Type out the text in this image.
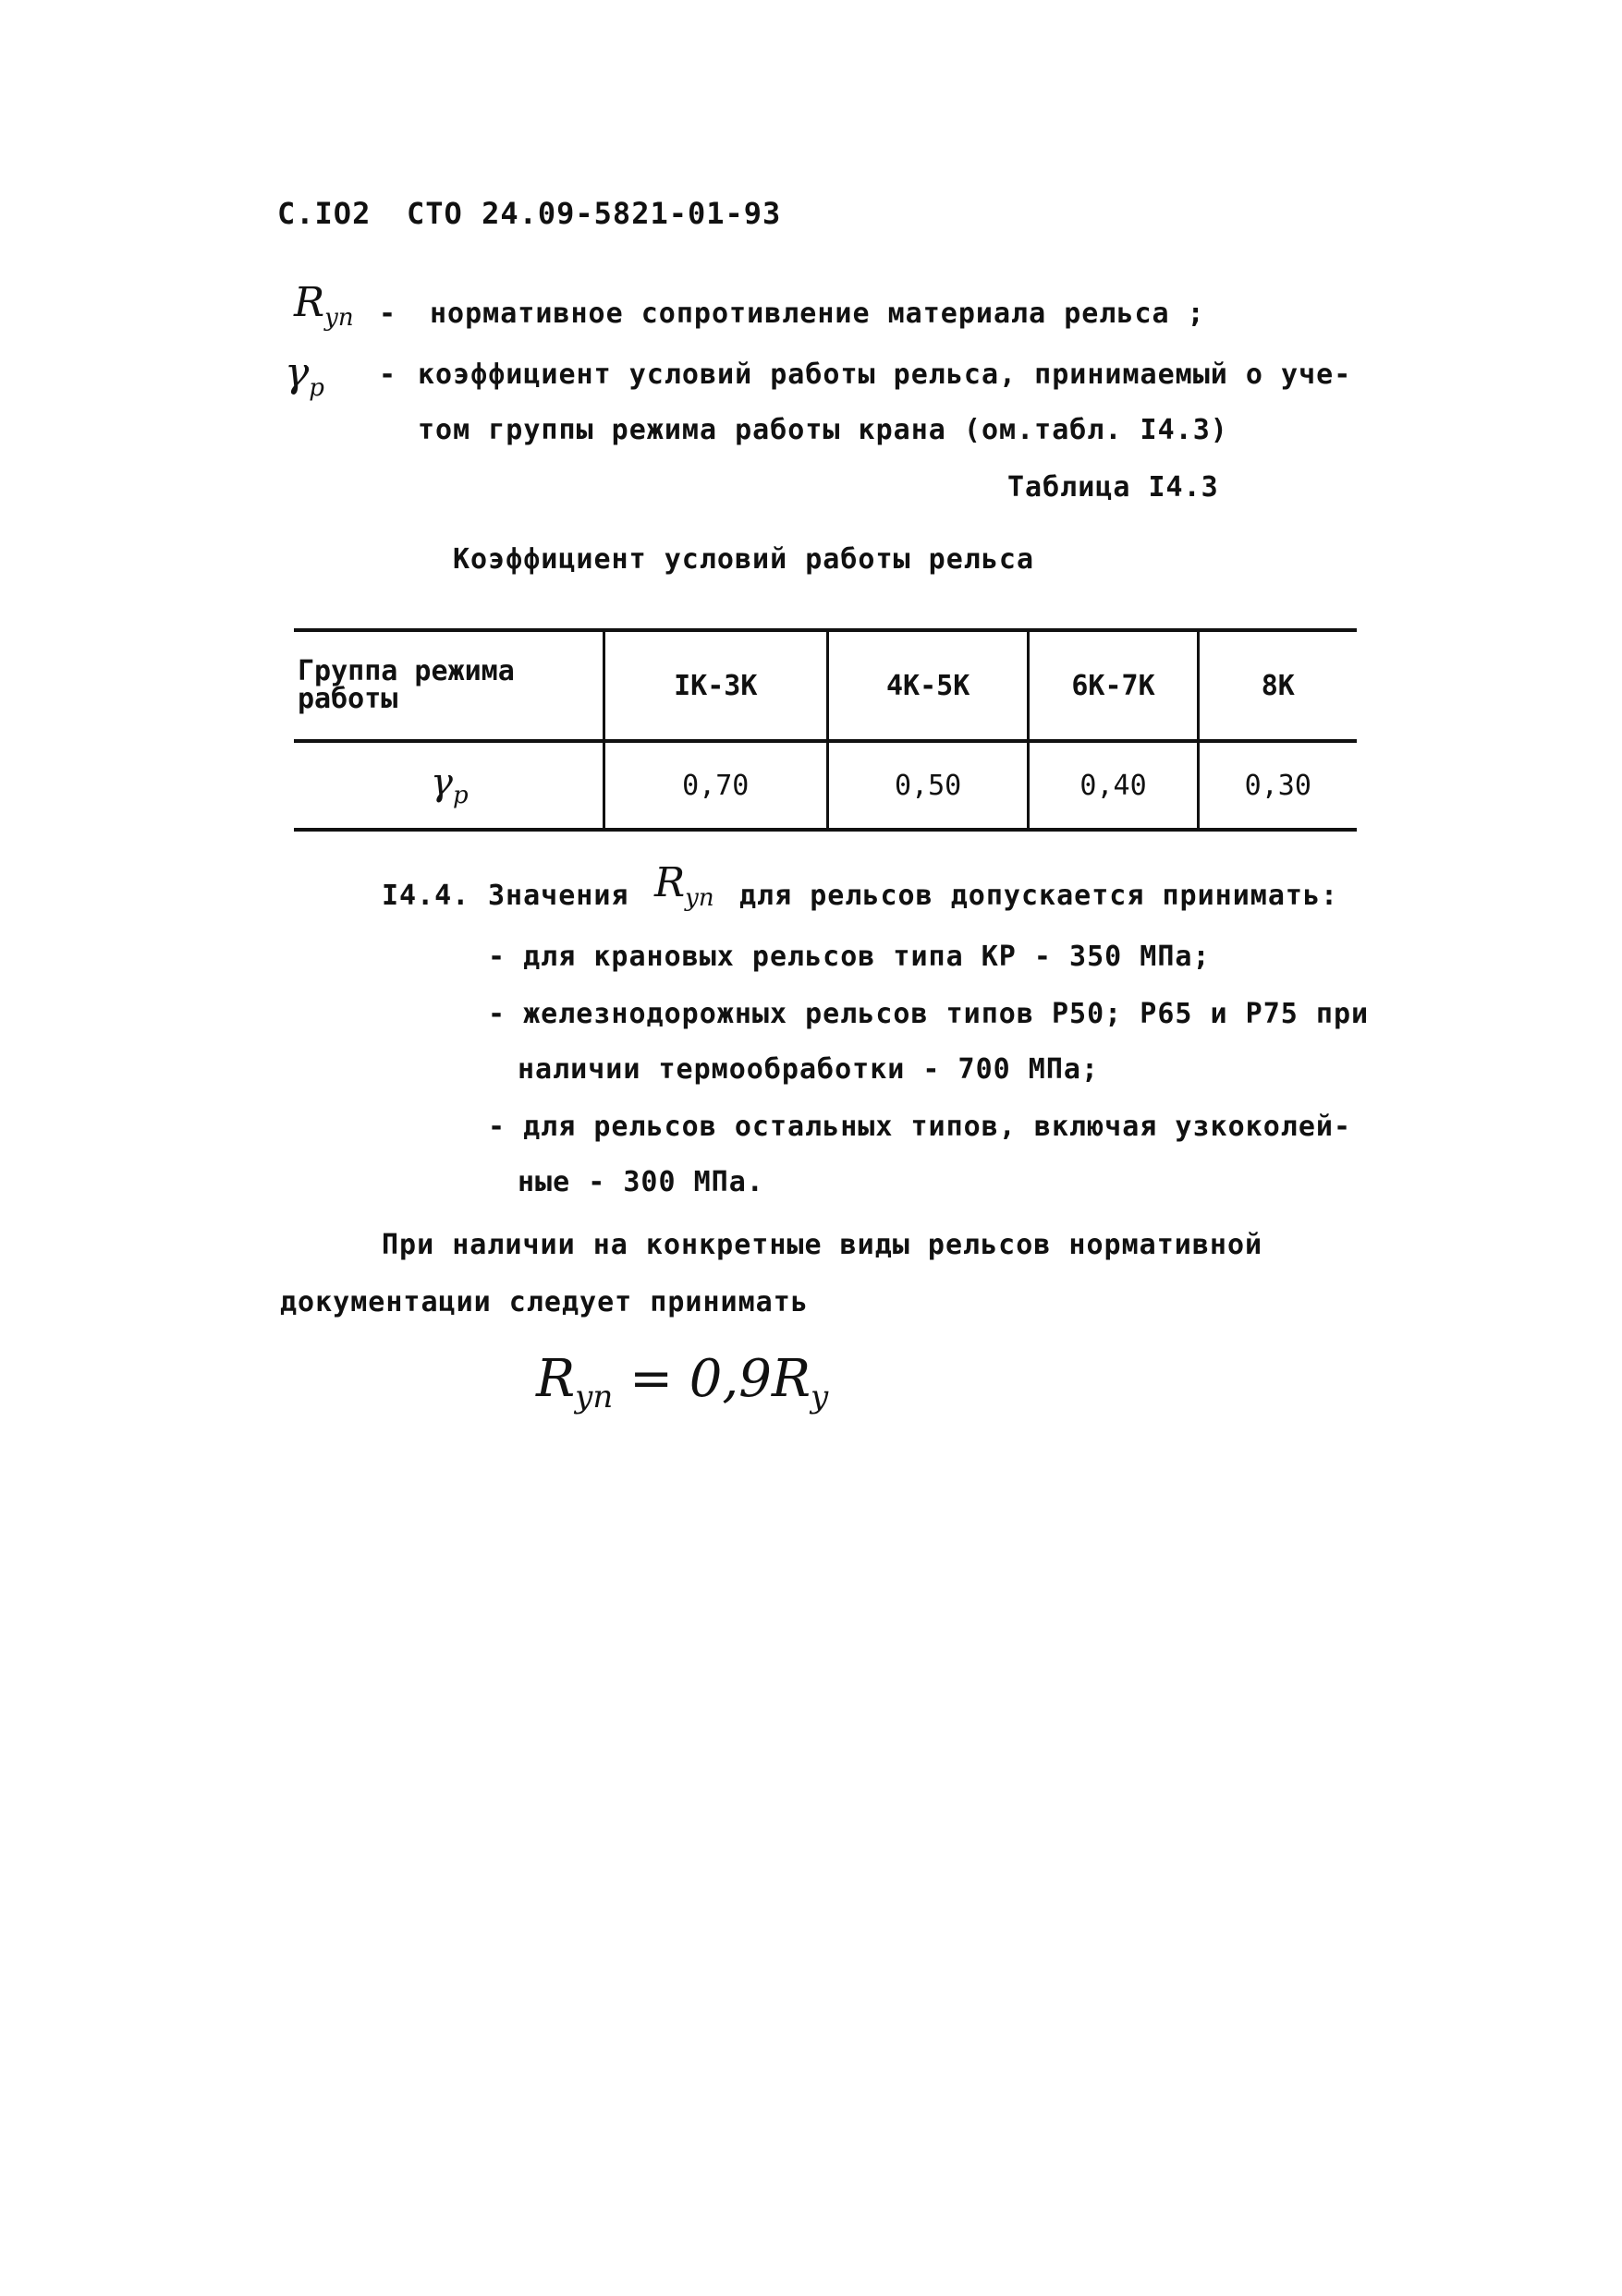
С.IO2 СТО 24.09-5821-01-93
$R_{yn}$ - нормативное сопротивление материала рельса ;
$\gamma_p$ - коэффициент условий работы рельса, принимаемый о уче-
том группы режима работы крана (ом.табл. I4.3)
Таблица I4.3
Коэффициент условий работы рельса
Группа режима работы	IK-3K	4K-5K	6K-7K	8K
$\gamma_p$	0,70	0,50	0,40	0,30
I4.4. Значения $R_{yn}$ для рельсов допускается принимать:
- для крановых рельсов типа КР - 350 МПа;
- железнодорожных рельсов типов Р50; Р65 и Р75 при
наличии термообработки - 700 МПа;
- для рельсов остальных типов, включая узкоколей-
ные - 300 МПа.
При наличии на конкретные виды рельсов нормативной
документации следует принимать
$R_{yn} = 0,9R_y$
